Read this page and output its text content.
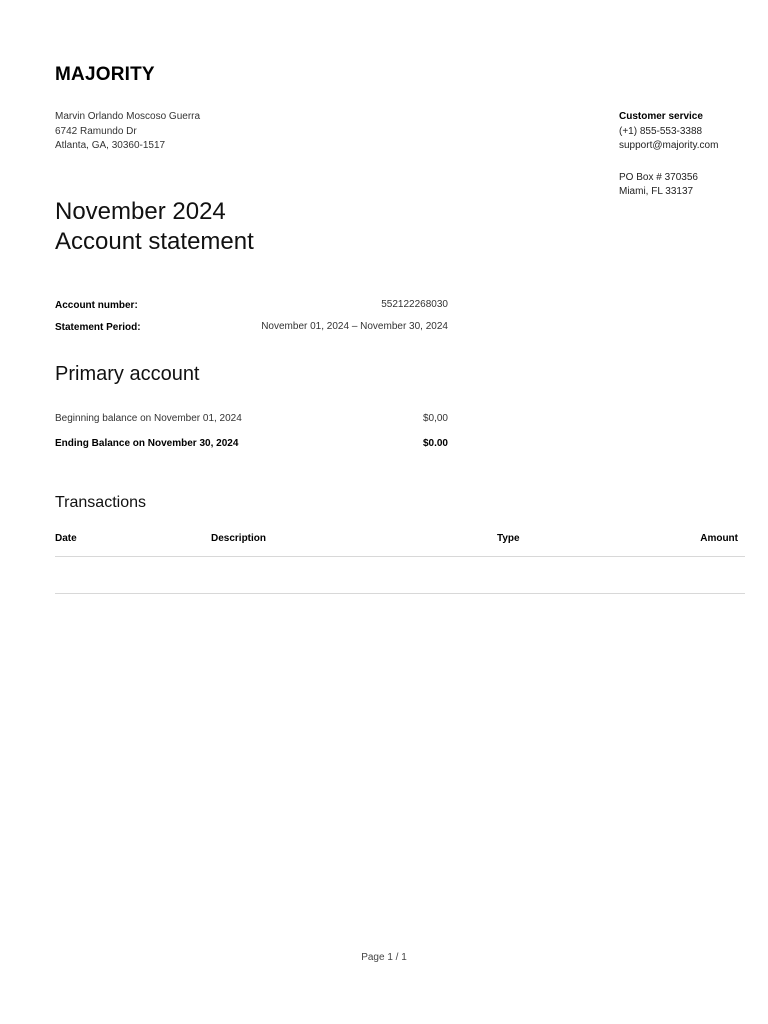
MAJORITY
Marvin Orlando Moscoso Guerra
6742 Ramundo Dr
Atlanta, GA, 30360-1517
Customer service
(+1) 855-553-3388
support@majority.com
PO Box # 370356
Miami, FL 33137
November 2024
Account statement
Account number:	552122268030
Statement Period:	November 01, 2024 – November 30, 2024
Primary account
Beginning balance on November 01, 2024	$0,00
Ending Balance on November 30, 2024	$0.00
Transactions
Date	Description	Type	Amount
Page 1 / 1
